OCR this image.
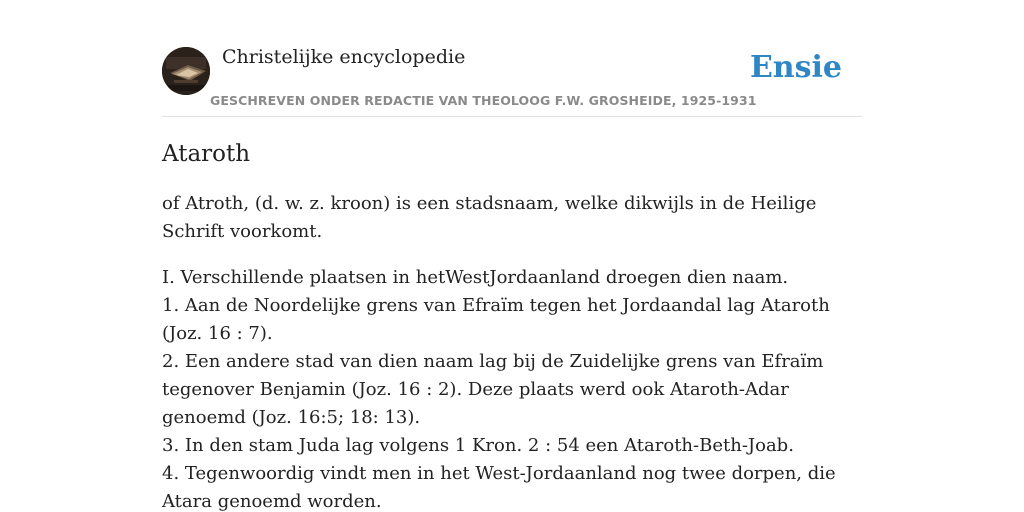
Christelijke encyclopedie
GESCHREVEN ONDER REDACTIE VAN THEOLOOG F.W. GROSHEIDE, 1925-1931
Ensie
Ataroth

of Atroth, (d. w. z. kroon) is een stadsnaam, welke dikwijls in de Heilige Schrift voorkomt.

I. Verschillende plaatsen in hetWestJordaanland droegen dien naam.
1. Aan de Noordelijke grens van Efraïm tegen het Jordaandal lag Ataroth (Joz. 16 : 7).
2. Een andere stad van dien naam lag bij de Zuidelijke grens van Efraïm tegenover Benjamin (Joz. 16 : 2). Deze plaats werd ook Ataroth-Adar genoemd (Joz. 16:5; 18: 13).
3. In den stam Juda lag volgens 1 Kron. 2 : 54 een Ataroth-Beth-Joab.
4. Tegenwoordig vindt men in het West-Jordaanland nog twee dorpen, die Atara genoemd worden.
